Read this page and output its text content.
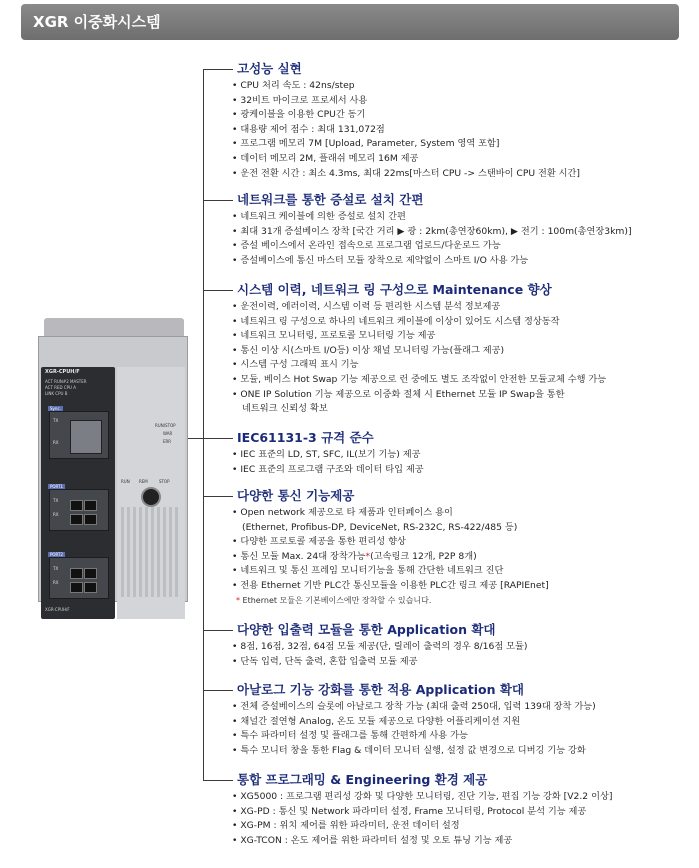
XGR 이중화시스템
XGR-CPUH/F
ACT RUN#2 MASTER
ACT RED CPU A
LINK CPU B
Sync.
TX
RX
PORT1
TX
RX
PORT2
TX
RX
XGR-CPUH/F
RUN/STOP
WAR
ERR
RUN REM	STOP
고성능 실현
• CPU 처리 속도 : 42ns/step
• 32비트 마이크로 프로세서 사용
• 광케이블을 이용한 CPU간 동기
• 대용량 제어 점수 : 최대 131,072점
• 프로그램 메모리 7M [Upload, Parameter, System 영역 포함]
• 데이터 메모리 2M, 플래쉬 메모리 16M 제공
• 운전 전환 시간 : 최소 4.3ms, 최대 22ms[마스터 CPU -> 스탠바이 CPU 전환 시간]
네트워크를 통한 증설로 설치 간편
• 네트워크 케이블에 의한 증설로 설치 간편
• 최대 31개 증설베이스 장착 [국간 거리 ▶ 광 : 2km(총연장60km), ▶ 전기 : 100m(총연장3km)]
• 증설 베이스에서 온라인 접속으로 프로그램 업로드/다운로드 가능
• 증설베이스에 통신 마스터 모듈 장착으로 제약없이 스마트 I/O 사용 가능
시스템 이력, 네트워크 링 구성으로 Maintenance 향상
• 운전이력, 에러이력, 시스템 이력 등 편리한 시스템 분석 정보제공
• 네트워크 링 구성으로 하나의 네트워크 케이블에 이상이 있어도 시스템 정상동작
• 네트워크 모니터링, 프로토콜 모니터링 기능 제공
• 통신 이상 시(스마트 I/O등) 이상 채널 모니터링 가능(플래그 제공)
• 시스템 구성 그래픽 표시 기능
• 모듈, 베이스 Hot Swap 기능 제공으로 런 중에도 별도 조작없이 안전한 모듈교체 수행 가능
• ONE IP Solution 기능 제공으로 이중화 절체 시 Ethernet 모듈 IP Swap을 통한
네트워크 신뢰성 확보
IEC61131-3 규격 준수
• IEC 표준의 LD, ST, SFC, IL(보기 기능) 제공
• IEC 표준의 프로그램 구조와 데이터 타입 제공
다양한 통신 기능제공
• Open network 제공으로 타 제품과 인터페이스 용이
(Ethernet, Profibus-DP, DeviceNet, RS-232C, RS-422/485 등)
• 다양한 프로토콜 제공을 통한 편리성 향상
• 통신 모듈 Max. 24대 장착가능*(고속링크 12개, P2P 8개)
• 네트워크 및 통신 프레임 모니터기능을 통해 간단한 네트워크 진단
• 전용 Ethernet 기반 PLC간 통신모듈을 이용한 PLC간 링크 제공 [RAPIEnet]
* Ethernet 모듈은 기본베이스에만 장착할 수 있습니다.
다양한 입출력 모듈을 통한 Application 확대
• 8점, 16점, 32점, 64점 모듈 제공(단, 릴레이 출력의 경우 8/16점 모듈)
• 단독 입력, 단독 출력, 혼합 입출력 모듈 제공
아날로그 기능 강화를 통한 적용 Application 확대
• 전체 증설베이스의 슬롯에 아날로그 장착 가능 (최대 출력 250대, 입력 139대 장착 가능)
• 채널간 절연형 Analog, 온도 모듈 제공으로 다양한 어플리케이션 지원
• 특수 파라미터 설정 및 플래그를 통해 간편하게 사용 가능
• 특수 모니터 창을 통한 Flag & 데이터 모니터 실행, 설정 값 변경으로 디버깅 기능 강화
통합 프로그래밍 & Engineering 환경 제공
• XG5000 : 프로그램 편리성 강화 및 다양한 모니터링, 진단 기능, 편집 기능 강화 [V2.2 이상]
• XG-PD : 통신 및 Network 파라미터 설정, Frame 모니터링, Protocol 분석 기능 제공
• XG-PM : 위치 제어를 위한 파라미터, 운전 데이터 설정
• XG-TCON : 온도 제어를 위한 파라미터 설정 및 오토 튜닝 기능 제공
